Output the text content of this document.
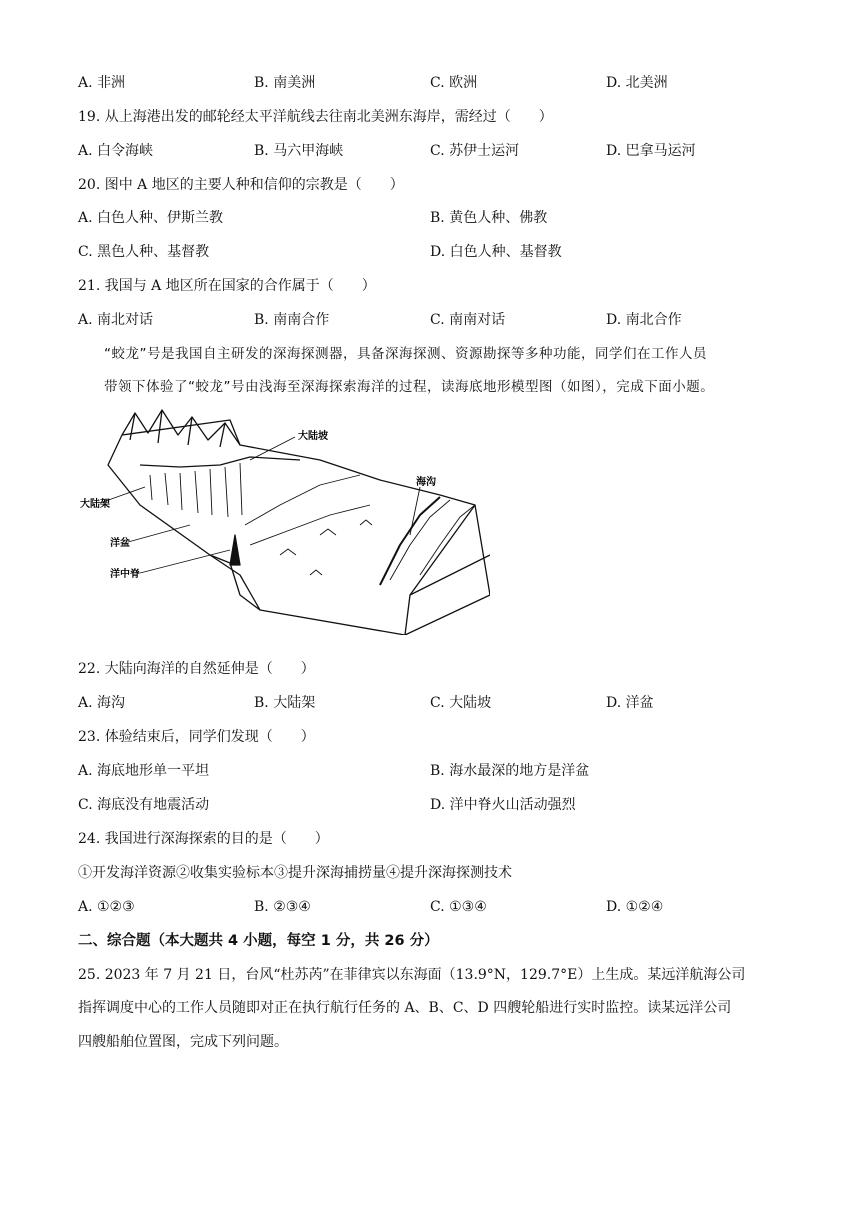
A. 非洲	B. 南美洲	C. 欧洲	D. 北美洲
19. 从上海港出发的邮轮经太平洋航线去往南北美洲东海岸，需经过（　　）
A. 白令海峡	B. 马六甲海峡	C. 苏伊士运河	D. 巴拿马运河
20. 图中 A 地区的主要人种和信仰的宗教是（　　）
A. 白色人种、伊斯兰教	B. 黄色人种、佛教
C. 黑色人种、基督教	D. 白色人种、基督教
21. 我国与 A 地区所在国家的合作属于（　　）
A. 南北对话	B. 南南合作	C. 南南对话	D. 南北合作
“蛟龙”号是我国自主研发的深海探测器，具备深海探测、资源勘探等多种功能，同学们在工作人员
带领下体验了“蛟龙”号由浅海至深海探索海洋的过程，读海底地形模型图（如图），完成下面小题。
大陆坡
大陆架
海沟
洋盆
洋中脊
22. 大陆向海洋的自然延伸是（　　）
A. 海沟	B. 大陆架	C. 大陆坡	D. 洋盆
23. 体验结束后，同学们发现（　　）
A. 海底地形单一平坦	B. 海水最深的地方是洋盆
C. 海底没有地震活动	D. 洋中脊火山活动强烈
24. 我国进行深海探索的目的是（　　）
①开发海洋资源②收集实验标本③提升深海捕捞量④提升深海探测技术
A. ①②③	B. ②③④	C. ①③④	D. ①②④
二、综合题（本大题共 4 小题，每空 1 分，共 26 分）
25. 2023 年 7 月 21 日，台风“杜苏芮”在菲律宾以东海面（13.9°N，129.7°E）上生成。某远洋航海公司
指挥调度中心的工作人员随即对正在执行航行任务的 A、B、C、D 四艘轮船进行实时监控。读某远洋公司
四艘船舶位置图，完成下列问题。
